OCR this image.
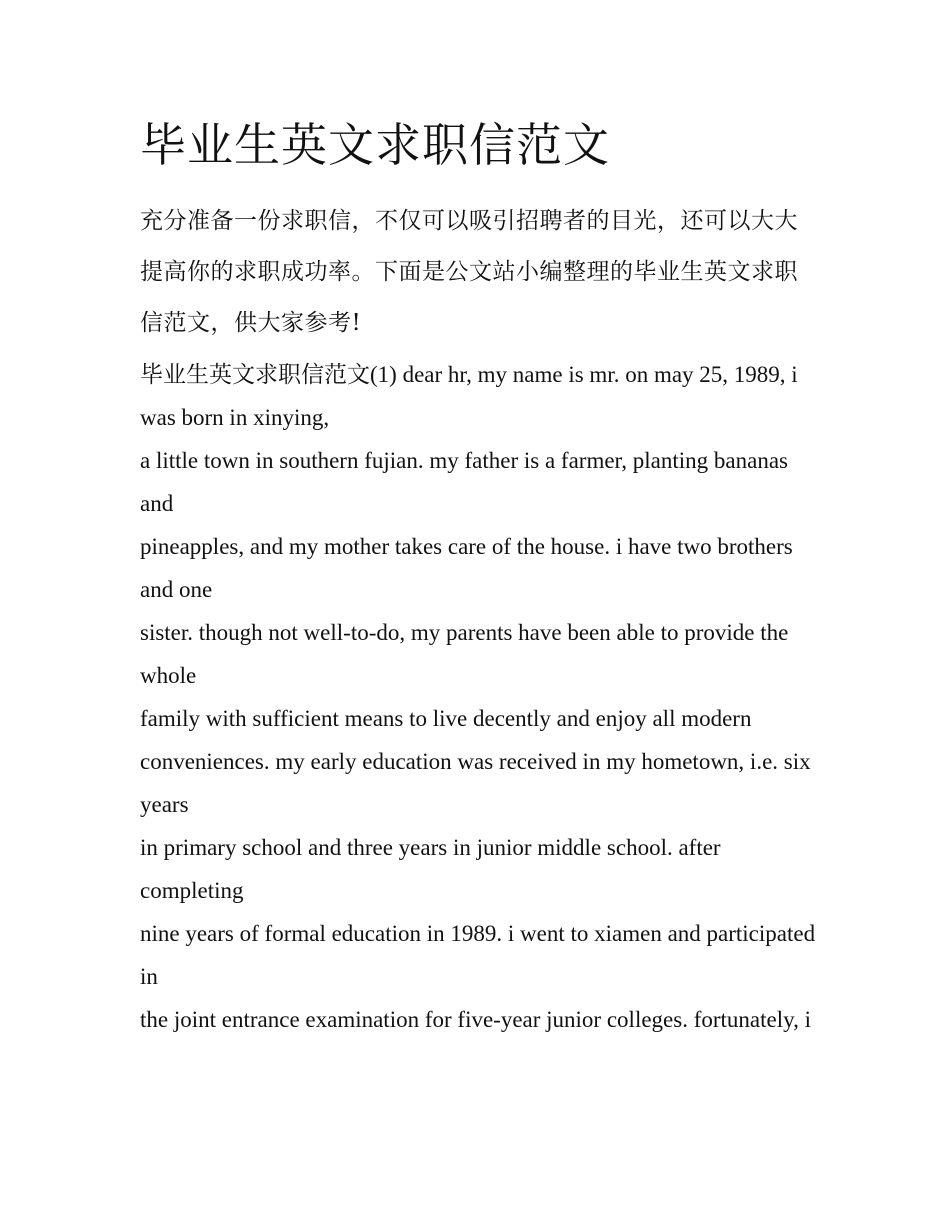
毕业生英文求职信范文

充分准备一份求职信，不仅可以吸引招聘者的目光，还可以大大提高你的求职成功率。下面是公文站小编整理的毕业生英文求职信范文，供大家参考!

毕业生英文求职信范文(1) dear hr, my name is mr. on may 25, 1989, i was born in xinying,

a little town in southern fujian. my father is a farmer, planting bananas and

pineapples, and my mother takes care of the house. i have two brothers and one

sister. though not well-to-do, my parents have been able to provide the whole

family with sufficient means to live decently and enjoy all modern

conveniences. my early education was received in my hometown, i.e. six years

in primary school and three years in junior middle school. after completing

nine years of formal education in 1989. i went to xiamen and participated in

the joint entrance examination for five-year junior colleges. fortunately, i
